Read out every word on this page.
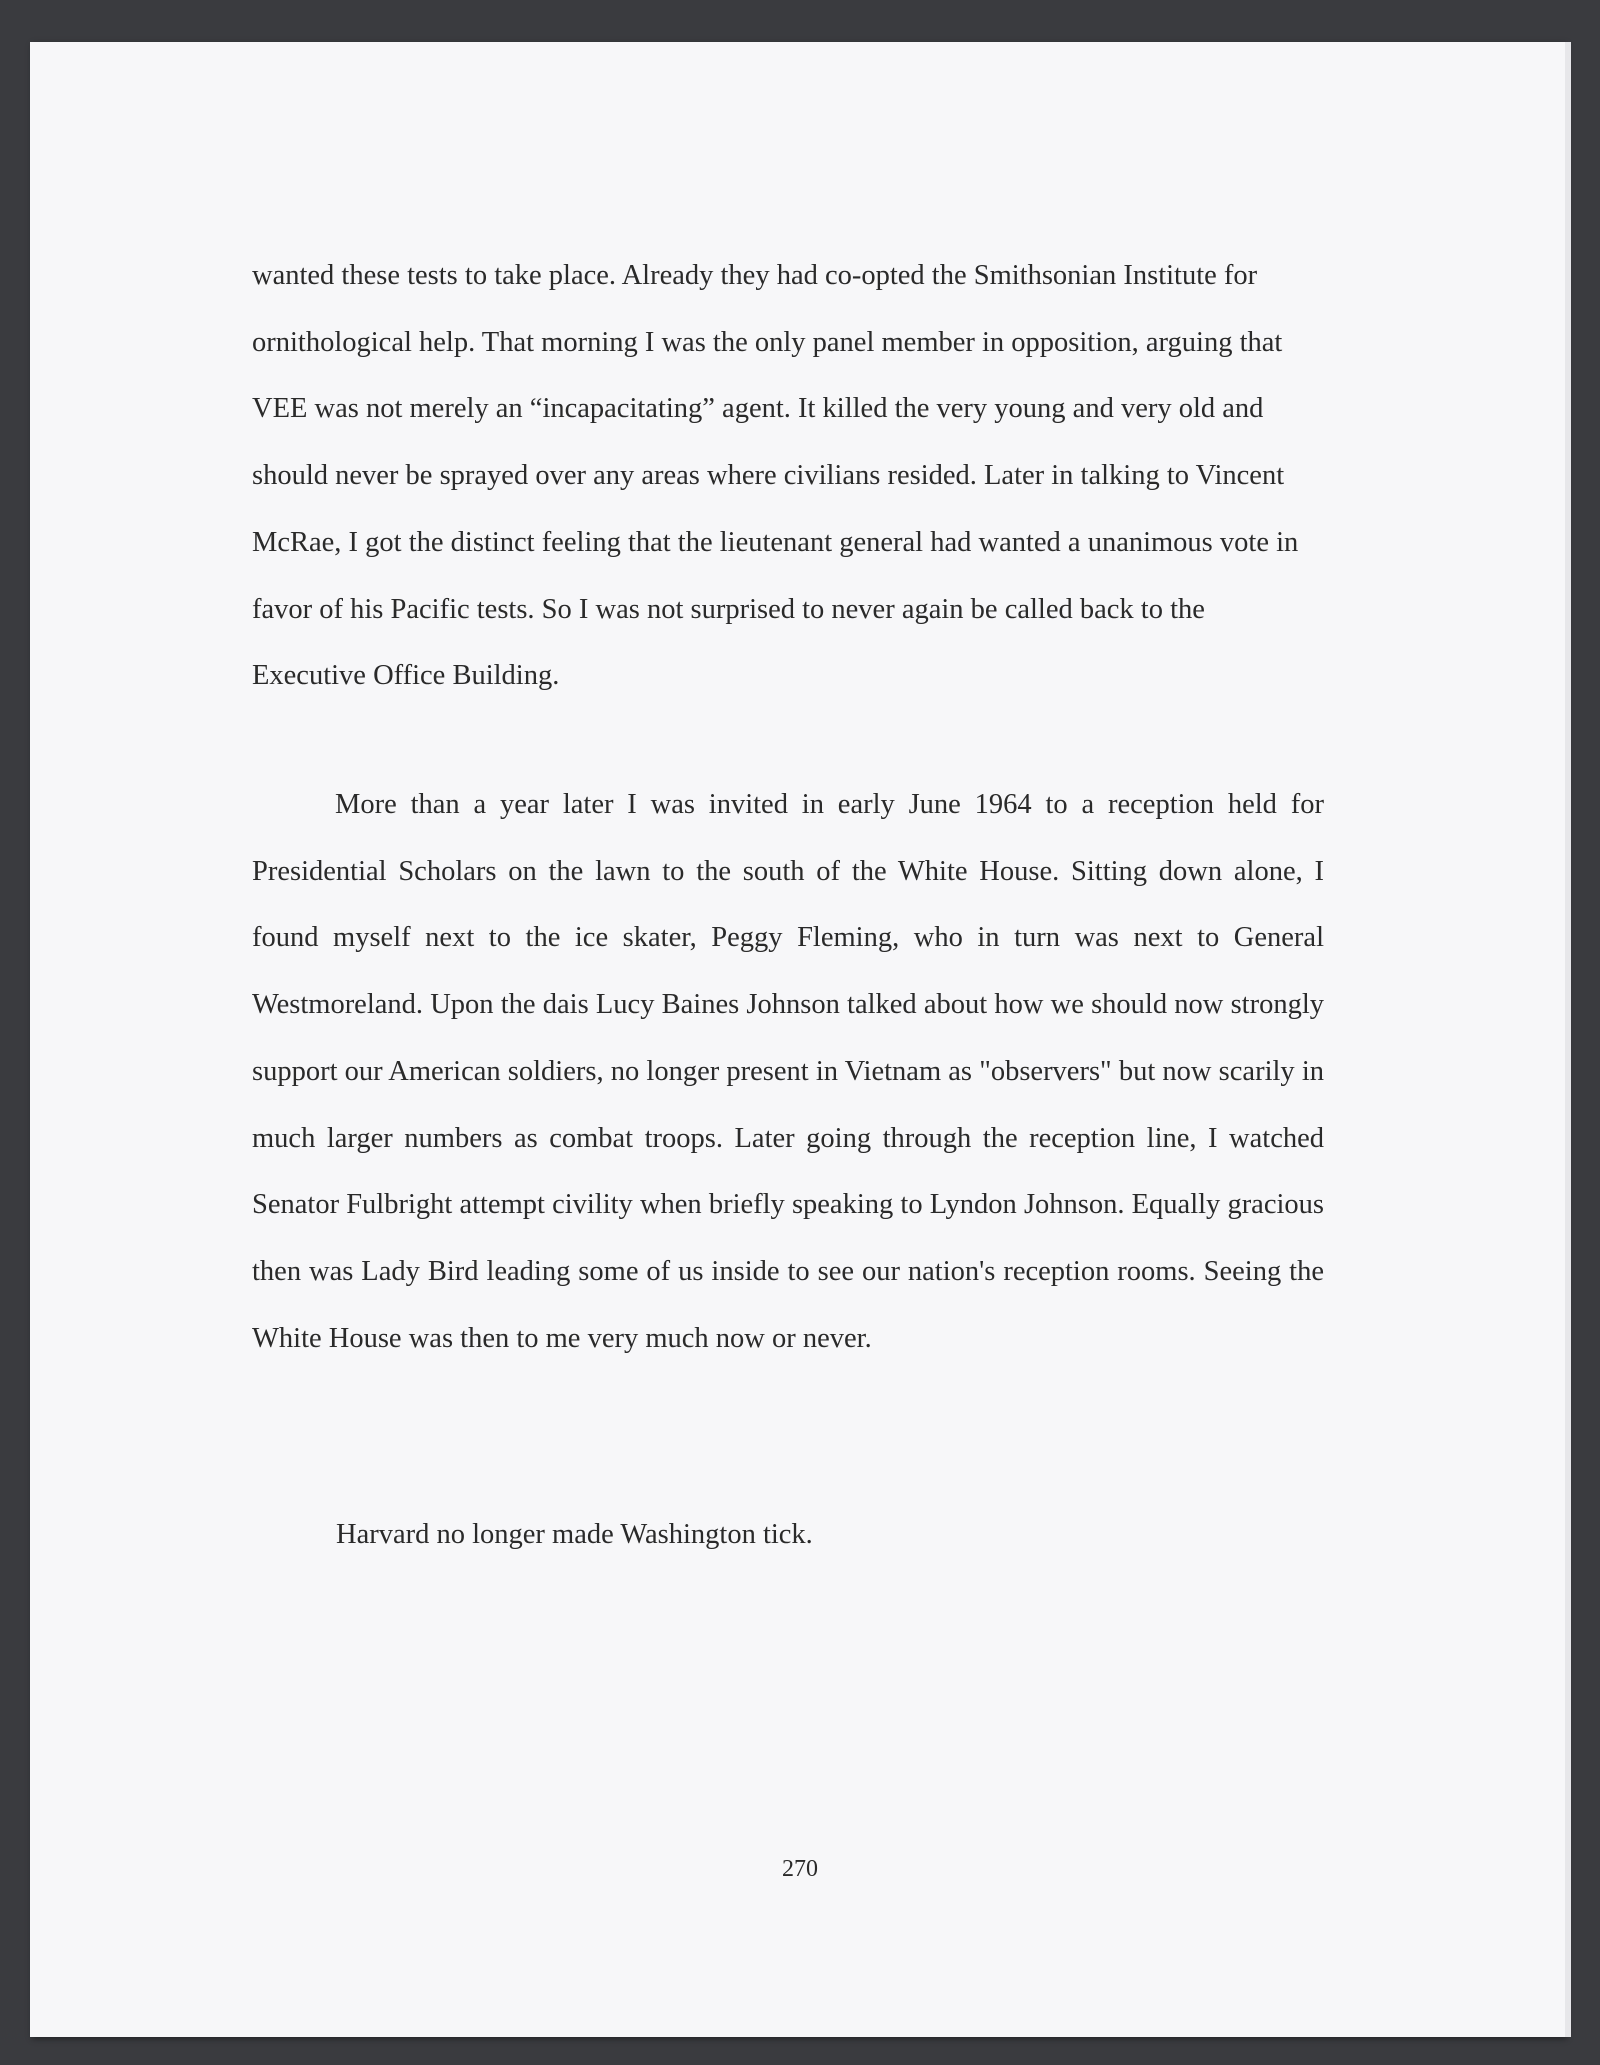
wanted these tests to take place. Already they had co-opted the Smithsonian Institute for ornithological help. That morning I was the only panel member in opposition, arguing that VEE was not merely an “incapacitating” agent. It killed the very young and very old and should never be sprayed over any areas where civilians resided. Later in talking to Vincent McRae, I got the distinct feeling that the lieutenant general had wanted a unanimous vote in favor of his Pacific tests. So I was not surprised to never again be called back to the Executive Office Building.

More than a year later I was invited in early June 1964 to a reception held for Presidential Scholars on the lawn to the south of the White House. Sitting down alone, I found myself next to the ice skater, Peggy Fleming, who in turn was next to General Westmoreland. Upon the dais Lucy Baines Johnson talked about how we should now strongly support our American soldiers, no longer present in Vietnam as "observers" but now scarily in much larger numbers as combat troops. Later going through the reception line, I watched Senator Fulbright attempt civility when briefly speaking to Lyndon Johnson. Equally gracious then was Lady Bird leading some of us inside to see our nation's reception rooms. Seeing the White House was then to me very much now or never.

Harvard no longer made Washington tick.

270
